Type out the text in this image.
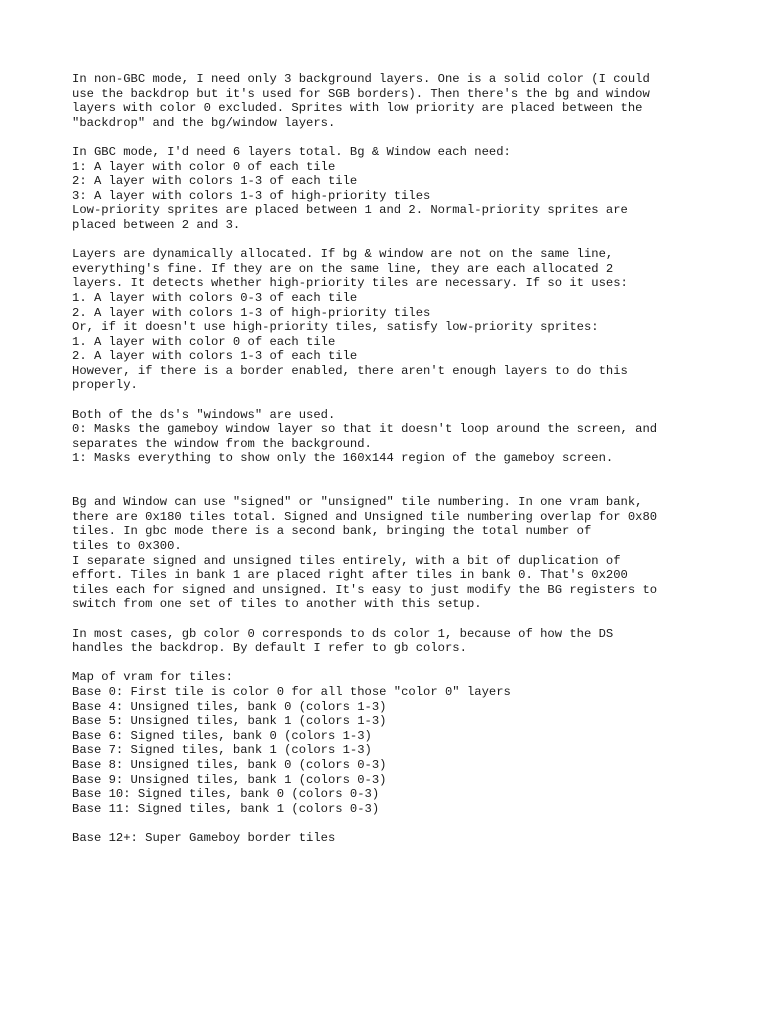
In non-GBC mode, I need only 3 background layers. One is a solid color (I could
use the backdrop but it's used for SGB borders). Then there's the bg and window
layers with color 0 excluded. Sprites with low priority are placed between the
"backdrop" and the bg/window layers.
In GBC mode, I'd need 6 layers total. Bg & Window each need:
1: A layer with color 0 of each tile
2: A layer with colors 1-3 of each tile
3: A layer with colors 1-3 of high-priority tiles
Low-priority sprites are placed between 1 and 2. Normal-priority sprites are
placed between 2 and 3.
Layers are dynamically allocated. If bg & window are not on the same line,
everything's fine. If they are on the same line, they are each allocated 2
layers. It detects whether high-priority tiles are necessary. If so it uses:
1. A layer with colors 0-3 of each tile
2. A layer with colors 1-3 of high-priority tiles
Or, if it doesn't use high-priority tiles, satisfy low-priority sprites:
1. A layer with color 0 of each tile
2. A layer with colors 1-3 of each tile
However, if there is a border enabled, there aren't enough layers to do this
properly.
Both of the ds's "windows" are used.
0: Masks the gameboy window layer so that it doesn't loop around the screen, and
separates the window from the background.
1: Masks everything to show only the 160x144 region of the gameboy screen.
Bg and Window can use "signed" or "unsigned" tile numbering. In one vram bank,
there are 0x180 tiles total. Signed and Unsigned tile numbering overlap for 0x80
tiles. In gbc mode there is a second bank, bringing the total number of
tiles to 0x300.
I separate signed and unsigned tiles entirely, with a bit of duplication of
effort. Tiles in bank 1 are placed right after tiles in bank 0. That's 0x200
tiles each for signed and unsigned. It's easy to just modify the BG registers to
switch from one set of tiles to another with this setup.
In most cases, gb color 0 corresponds to ds color 1, because of how the DS
handles the backdrop. By default I refer to gb colors.
Map of vram for tiles:
Base 0: First tile is color 0 for all those "color 0" layers
Base 4: Unsigned tiles, bank 0 (colors 1-3)
Base 5: Unsigned tiles, bank 1 (colors 1-3)
Base 6: Signed tiles, bank 0 (colors 1-3)
Base 7: Signed tiles, bank 1 (colors 1-3)
Base 8: Unsigned tiles, bank 0 (colors 0-3)
Base 9: Unsigned tiles, bank 1 (colors 0-3)
Base 10: Signed tiles, bank 0 (colors 0-3)
Base 11: Signed tiles, bank 1 (colors 0-3)
Base 12+: Super Gameboy border tiles
